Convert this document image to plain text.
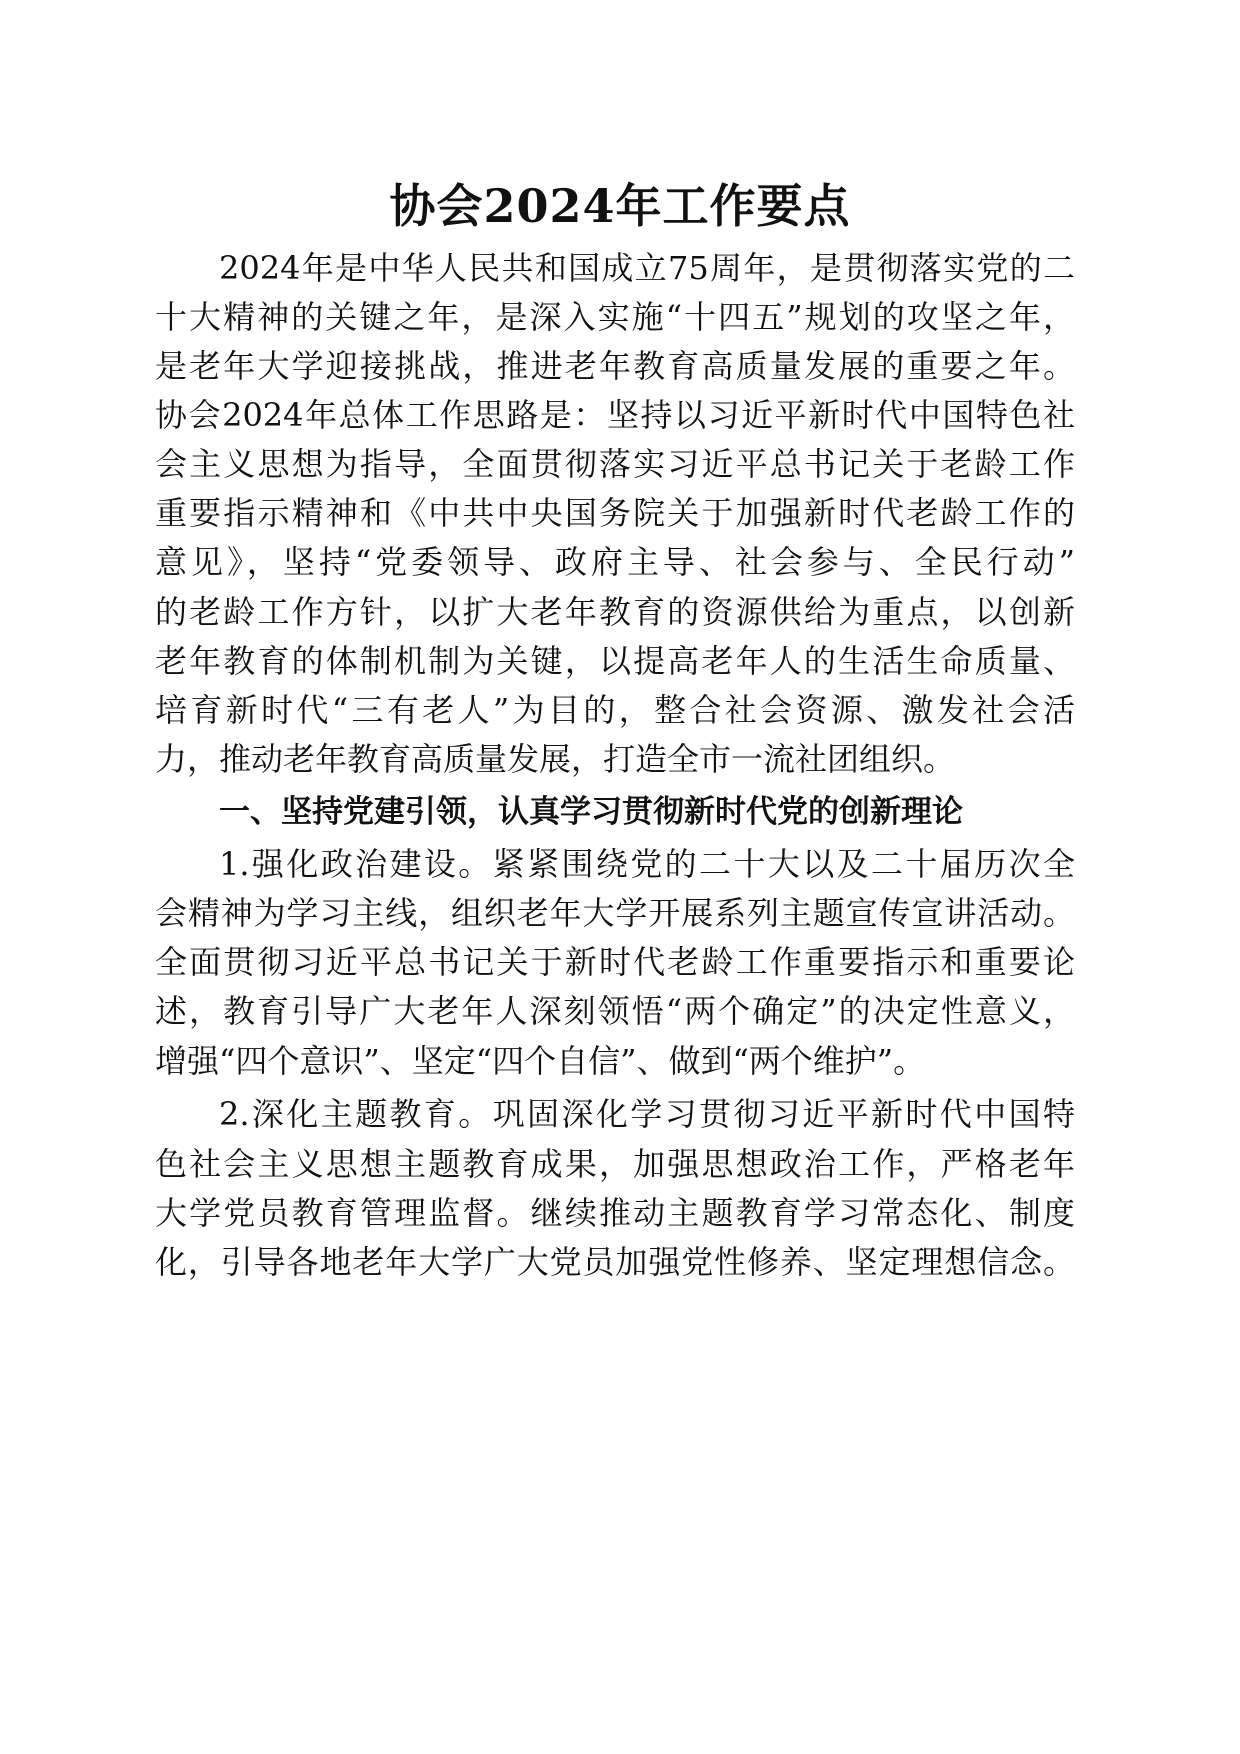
协会2024年工作要点
2024年是中华人民共和国成立75周年，是贯彻落实党的二
十大精神的关键之年，是深入实施“十四五”规划的攻坚之年，
是老年大学迎接挑战，推进老年教育高质量发展的重要之年。
协会2024年总体工作思路是：坚持以习近平新时代中国特色社
会主义思想为指导，全面贯彻落实习近平总书记关于老龄工作
重要指示精神和《中共中央国务院关于加强新时代老龄工作的
意见》，坚持“党委领导、政府主导、社会参与、全民行动”
的老龄工作方针，以扩大老年教育的资源供给为重点，以创新
老年教育的体制机制为关键，以提高老年人的生活生命质量、
培育新时代“三有老人”为目的，整合社会资源、激发社会活
力，推动老年教育高质量发展，打造全市一流社团组织。
一、坚持党建引领，认真学习贯彻新时代党的创新理论
1.强化政治建设。紧紧围绕党的二十大以及二十届历次全
会精神为学习主线，组织老年大学开展系列主题宣传宣讲活动。
全面贯彻习近平总书记关于新时代老龄工作重要指示和重要论
述，教育引导广大老年人深刻领悟“两个确定”的决定性意义，
增强“四个意识”、坚定“四个自信”、做到“两个维护”。
2.深化主题教育。巩固深化学习贯彻习近平新时代中国特
色社会主义思想主题教育成果，加强思想政治工作，严格老年
大学党员教育管理监督。继续推动主题教育学习常态化、制度
化，引导各地老年大学广大党员加强党性修养、坚定理想信念。
